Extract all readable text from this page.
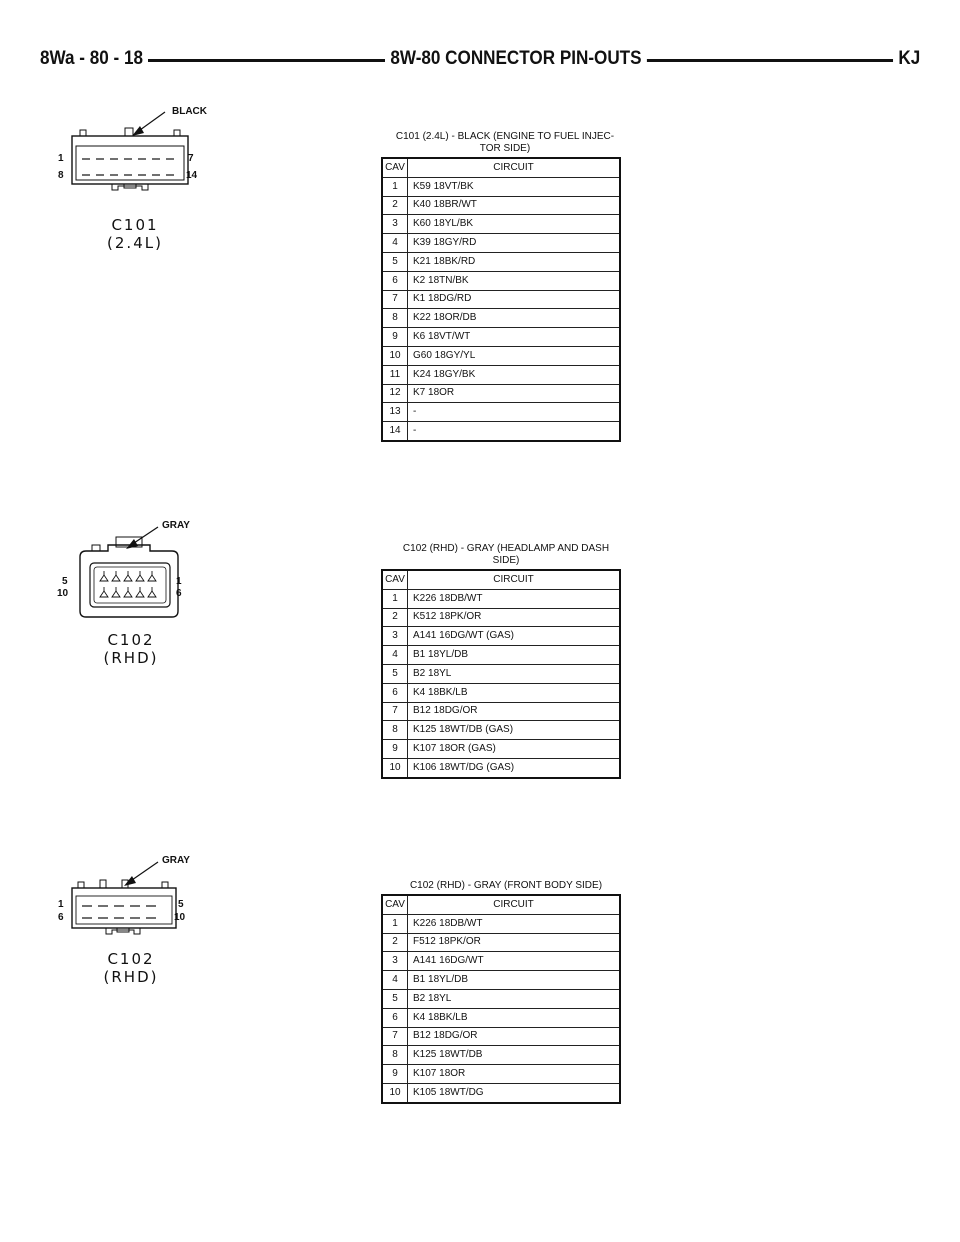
8Wa - 80 - 18	8W-80 CONNECTOR PIN-OUTS	KJ
BLACK
1
8
7
14
C101
(2.4L)
C101 (2.4L) - BLACK (ENGINE TO FUEL INJEC-
TOR SIDE)
CAV	CIRCUIT
1	K59 18VT/BK
2	K40 18BR/WT
3	K60 18YL/BK
4	K39 18GY/RD
5	K21 18BK/RD
6	K2 18TN/BK
7	K1 18DG/RD
8	K22 18OR/DB
9	K6 18VT/WT
10	G60 18GY/YL
11	K24 18GY/BK
12	K7 18OR
13	-
14	-
GRAY
5
10
1
6
C102
(RHD)
C102 (RHD) - GRAY (HEADLAMP AND DASH
SIDE)
CAV	CIRCUIT
1	K226 18DB/WT
2	K512 18PK/OR
3	A141 16DG/WT (GAS)
4	B1 18YL/DB
5	B2 18YL
6	K4 18BK/LB
7	B12 18DG/OR
8	K125 18WT/DB (GAS)
9	K107 18OR (GAS)
10	K106 18WT/DG (GAS)
GRAY
1
6
5
10
C102
(RHD)
C102 (RHD) - GRAY (FRONT BODY SIDE)
CAV	CIRCUIT
1	K226 18DB/WT
2	F512 18PK/OR
3	A141 16DG/WT
4	B1 18YL/DB
5	B2 18YL
6	K4 18BK/LB
7	B12 18DG/OR
8	K125 18WT/DB
9	K107 18OR
10	K105 18WT/DG
